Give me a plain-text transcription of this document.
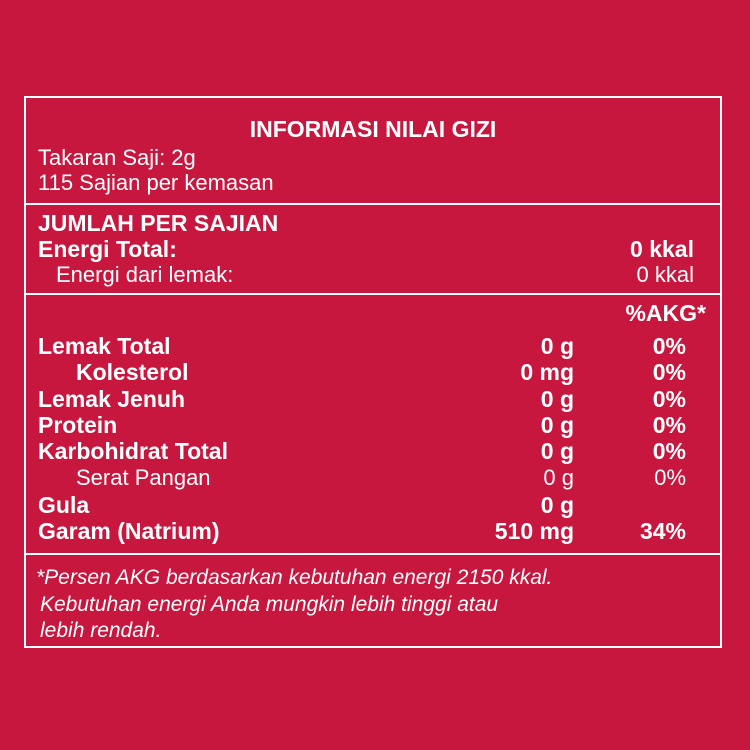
INFORMASI NILAI GIZI
Takaran Saji: 2g
115 Sajian per kemasan
JUMLAH PER SAJIAN
Energi Total:	0 kkal
Energi dari lemak:	0 kkal
%AKG*
Lemak Total	0 g	0%
Kolesterol	0 mg	0%
Lemak Jenuh	0 g	0%
Protein	0 g	0%
Karbohidrat Total	0 g	0%
Serat Pangan	0 g	0%
Gula	0 g
Garam (Natrium)	510 mg	34%
*Persen AKG berdasarkan kebutuhan energi 2150 kkal.
Kebutuhan energi Anda mungkin lebih tinggi atau
lebih rendah.
